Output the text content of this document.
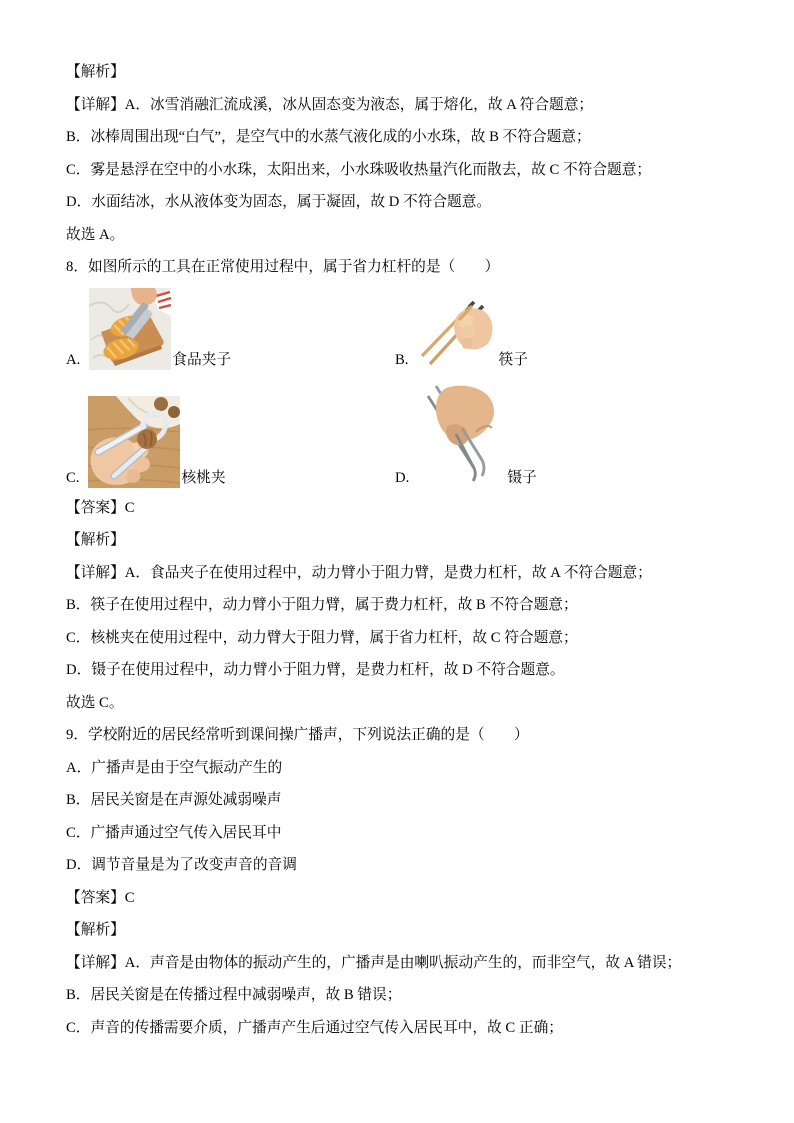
【解析】

【详解】A．冰雪消融汇流成溪，冰从固态变为液态，属于熔化，故 A 符合题意；

B．冰棒周围出现“白气”，是空气中的水蒸气液化成的小水珠，故 B 不符合题意；

C．雾是悬浮在空中的小水珠，太阳出来，小水珠吸收热量汽化而散去，故 C 不符合题意；

D．水面结冰，水从液体变为固态，属于凝固，故 D 不符合题意。

故选 A。

8．如图所示的工具在正常使用过程中，属于省力杠杆的是（　　）

A.	食品夹子	B.	筷子
C.	核桃夹	D.	镊子

【答案】C

【解析】

【详解】A．食品夹子在使用过程中，动力臂小于阻力臂，是费力杠杆，故 A 不符合题意；

B．筷子在使用过程中，动力臂小于阻力臂，属于费力杠杆，故 B 不符合题意；

C．核桃夹在使用过程中，动力臂大于阻力臂，属于省力杠杆，故 C 符合题意；

D．镊子在使用过程中，动力臂小于阻力臂，是费力杠杆，故 D 不符合题意。

故选 C。

9．学校附近的居民经常听到课间操广播声，下列说法正确的是（　　）

A．广播声是由于空气振动产生的

B．居民关窗是在声源处减弱噪声

C．广播声通过空气传入居民耳中

D．调节音量是为了改变声音的音调

【答案】C

【解析】

【详解】A．声音是由物体的振动产生的，广播声是由喇叭振动产生的，而非空气，故 A 错误；

B．居民关窗是在传播过程中减弱噪声，故 B 错误；

C．声音的传播需要介质，广播声产生后通过空气传入居民耳中，故 C 正确；
